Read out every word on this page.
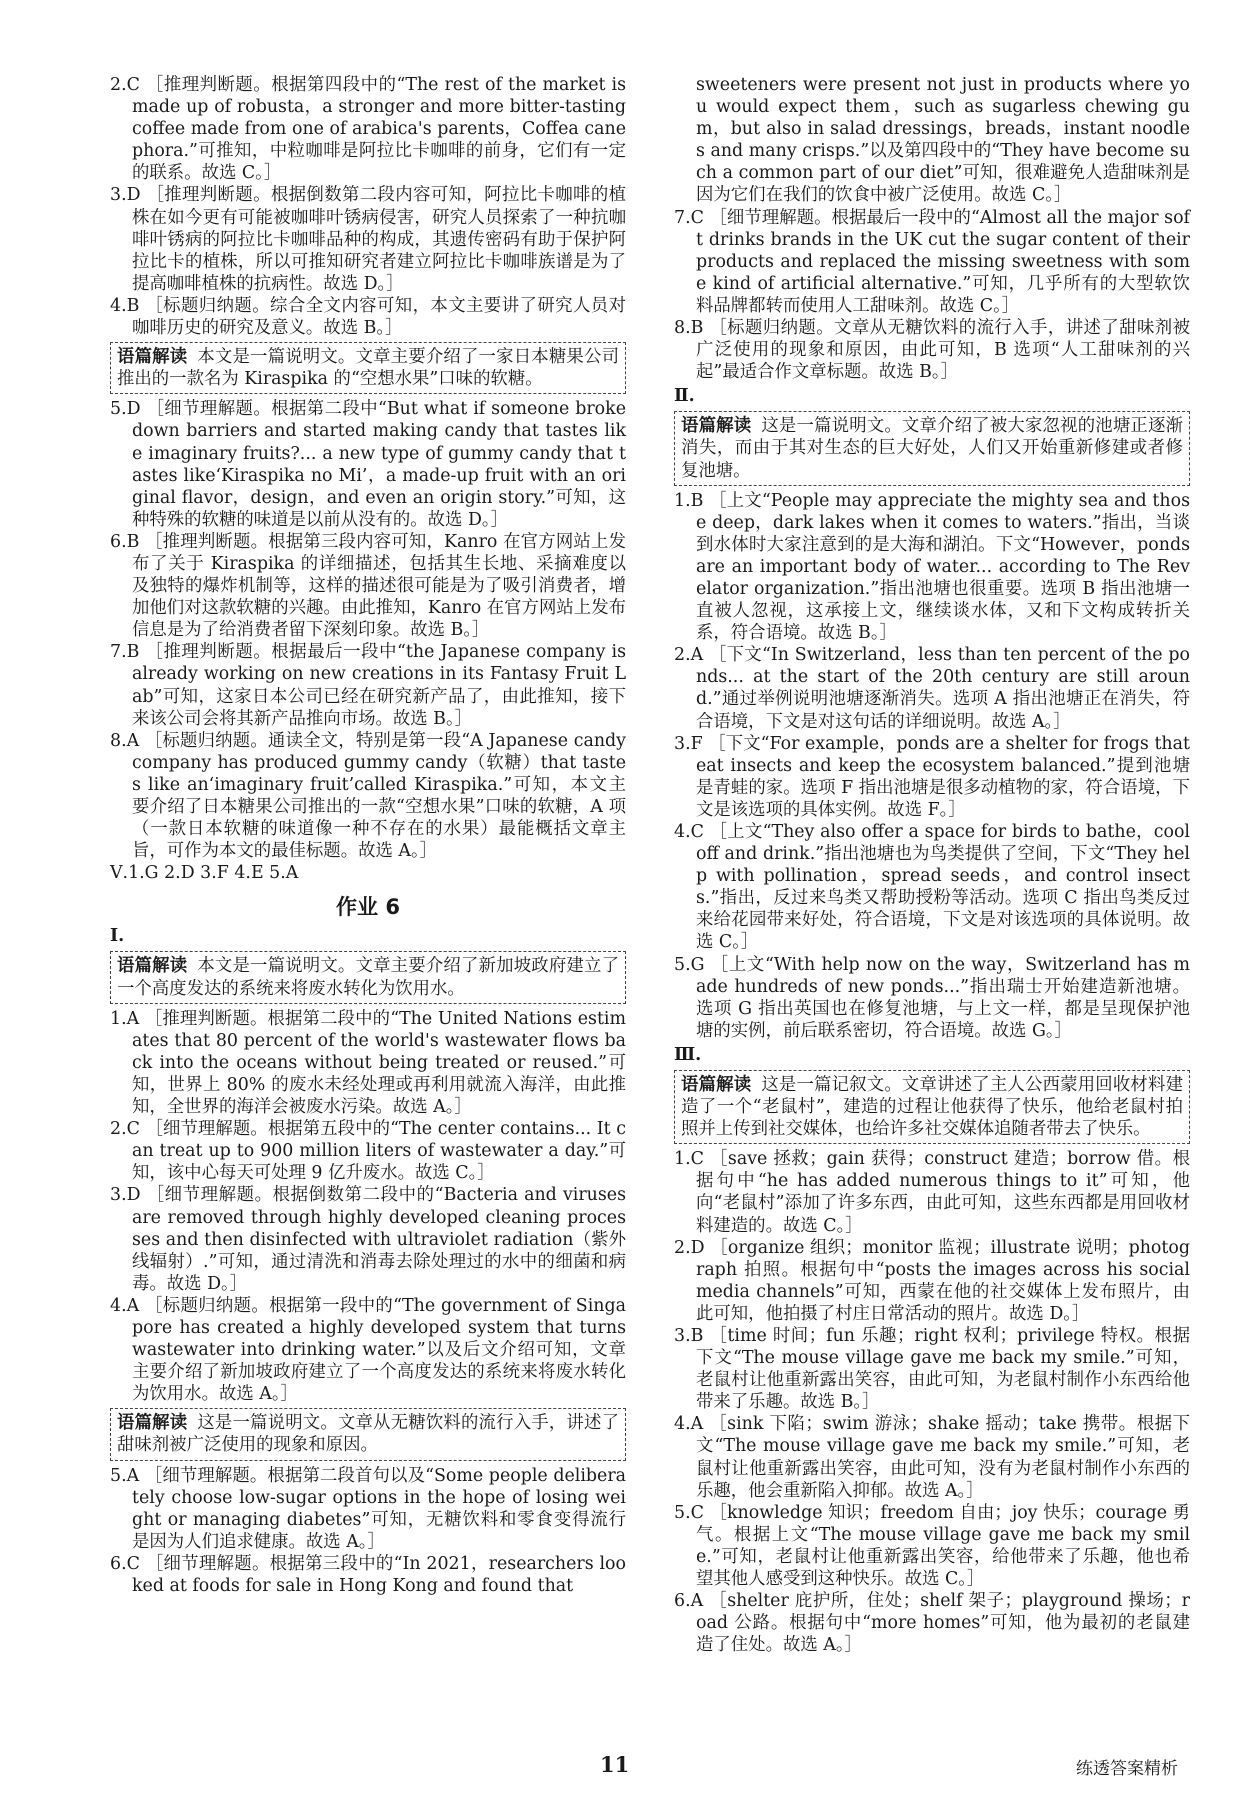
2.C ［推理判断题。根据第四段中的“The rest of the market is made up of robusta，a stronger and more bitter-tasting coffee made from one of arabica's parents，Coffea canephora.”可推知，中粒咖啡是阿拉比卡咖啡的前身，它们有一定的联系。故选 C。］

3.D ［推理判断题。根据倒数第二段内容可知，阿拉比卡咖啡的植株在如今更有可能被咖啡叶锈病侵害，研究人员探索了一种抗咖啡叶锈病的阿拉比卡咖啡品种的构成，其遗传密码有助于保护阿拉比卡的植株，所以可推知研究者建立阿拉比卡咖啡族谱是为了提高咖啡植株的抗病性。故选 D。］

4.B ［标题归纳题。综合全文内容可知，本文主要讲了研究人员对咖啡历史的研究及意义。故选 B。］

语篇解读 本文是一篇说明文。文章主要介绍了一家日本糖果公司推出的一款名为 Kiraspika 的“空想水果”口味的软糖。

5.D ［细节理解题。根据第二段中“But what if someone broke down barriers and started making candy that tastes like imaginary fruits?... a new type of gummy candy that tastes like‘Kiraspika no Mi’，a made-up fruit with an original flavor，design，and even an origin story.”可知，这种特殊的软糖的味道是以前从没有的。故选 D。］

6.B ［推理判断题。根据第三段内容可知，Kanro 在官方网站上发布了关于 Kiraspika 的详细描述，包括其生长地、采摘难度以及独特的爆炸机制等，这样的描述很可能是为了吸引消费者，增加他们对这款软糖的兴趣。由此推知，Kanro 在官方网站上发布信息是为了给消费者留下深刻印象。故选 B。］

7.B ［推理判断题。根据最后一段中“the Japanese company is already working on new creations in its Fantasy Fruit Lab”可知，这家日本公司已经在研究新产品了，由此推知，接下来该公司会将其新产品推向市场。故选 B。］

8.A ［标题归纳题。通读全文，特别是第一段“A Japanese candy company has produced gummy candy（软糖）that tastes like an‘imaginary fruit’called Kiraspika.”可知，本文主要介绍了日本糖果公司推出的一款“空想水果”口味的软糖，A 项（一款日本软糖的味道像一种不存在的水果）最能概括文章主旨，可作为本文的最佳标题。故选 A。］

Ⅴ.1.G 2.D 3.F 4.E 5.A

作业 6
Ⅰ.
语篇解读 本文是一篇说明文。文章主要介绍了新加坡政府建立了一个高度发达的系统来将废水转化为饮用水。

1.A ［推理判断题。根据第二段中的“The United Nations estimates that 80 percent of the world's wastewater flows back into the oceans without being treated or reused.”可知，世界上 80% 的废水未经处理或再利用就流入海洋，由此推知，全世界的海洋会被废水污染。故选 A。］

2.C ［细节理解题。根据第五段中的“The center contains... It can treat up to 900 million liters of wastewater a day.”可知，该中心每天可处理 9 亿升废水。故选 C。］

3.D ［细节理解题。根据倒数第二段中的“Bacteria and viruses are removed through highly developed cleaning processes and then disinfected with ultraviolet radiation（紫外线辐射）.”可知，通过清洗和消毒去除处理过的水中的细菌和病毒。故选 D。］

4.A ［标题归纳题。根据第一段中的“The government of Singapore has created a highly developed system that turns wastewater into drinking water.”以及后文介绍可知，文章主要介绍了新加坡政府建立了一个高度发达的系统来将废水转化为饮用水。故选 A。］

语篇解读 这是一篇说明文。文章从无糖饮料的流行入手，讲述了甜味剂被广泛使用的现象和原因。

5.A ［细节理解题。根据第二段首句以及“Some people deliberately choose low-sugar options in the hope of losing weight or managing diabetes”可知，无糖饮料和零食变得流行是因为人们追求健康。故选 A。］

6.C ［细节理解题。根据第三段中的“In 2021，researchers looked at foods for sale in Hong Kong and found that

sweeteners were present not just in products where you would expect them，such as sugarless chewing gum，but also in salad dressings，breads，instant noodles and many crisps.”以及第四段中的“They have become such a common part of our diet”可知，很难避免人造甜味剂是因为它们在我们的饮食中被广泛使用。故选 C。］

7.C ［细节理解题。根据最后一段中的“Almost all the major soft drinks brands in the UK cut the sugar content of their products and replaced the missing sweetness with some kind of artificial alternative.”可知，几乎所有的大型软饮料品牌都转而使用人工甜味剂。故选 C。］

8.B ［标题归纳题。文章从无糖饮料的流行入手，讲述了甜味剂被广泛使用的现象和原因，由此可知，B 选项“人工甜味剂的兴起”最适合作文章标题。故选 B。］

Ⅱ.
语篇解读 这是一篇说明文。文章介绍了被大家忽视的池塘正逐渐消失，而由于其对生态的巨大好处，人们又开始重新修建或者修复池塘。

1.B ［上文“People may appreciate the mighty sea and those deep，dark lakes when it comes to waters.”指出，当谈到水体时大家注意到的是大海和湖泊。下文“However，ponds are an important body of water... according to The Revelator organization.”指出池塘也很重要。选项 B 指出池塘一直被人忽视，这承接上文，继续谈水体，又和下文构成转折关系，符合语境。故选 B。］

2.A ［下文“In Switzerland，less than ten percent of the ponds... at the start of the 20th century are still around.”通过举例说明池塘逐渐消失。选项 A 指出池塘正在消失，符合语境，下文是对这句话的详细说明。故选 A。］

3.F ［下文“For example，ponds are a shelter for frogs that eat insects and keep the ecosystem balanced.”提到池塘是青蛙的家。选项 F 指出池塘是很多动植物的家，符合语境，下文是该选项的具体实例。故选 F。］

4.C ［上文“They also offer a space for birds to bathe，cool off and drink.”指出池塘也为鸟类提供了空间，下文“They help with pollination，spread seeds，and control insects.”指出，反过来鸟类又帮助授粉等活动。选项 C 指出鸟类反过来给花园带来好处，符合语境，下文是对该选项的具体说明。故选 C。］

5.G ［上文“With help now on the way，Switzerland has made hundreds of new ponds...”指出瑞士开始建造新池塘。选项 G 指出英国也在修复池塘，与上文一样，都是呈现保护池塘的实例，前后联系密切，符合语境。故选 G。］

Ⅲ.
语篇解读 这是一篇记叙文。文章讲述了主人公西蒙用回收材料建造了一个“老鼠村”，建造的过程让他获得了快乐，他给老鼠村拍照并上传到社交媒体，也给许多社交媒体追随者带去了快乐。

1.C ［save 拯救；gain 获得；construct 建造；borrow 借。根据句中“he has added numerous things to it”可知，他向“老鼠村”添加了许多东西，由此可知，这些东西都是用回收材料建造的。故选 C。］

2.D ［organize 组织；monitor 监视；illustrate 说明；photograph 拍照。根据句中“posts the images across his social media channels”可知，西蒙在他的社交媒体上发布照片，由此可知，他拍摄了村庄日常活动的照片。故选 D。］

3.B ［time 时间；fun 乐趣；right 权利；privilege 特权。根据下文“The mouse village gave me back my smile.”可知，老鼠村让他重新露出笑容，由此可知，为老鼠村制作小东西给他带来了乐趣。故选 B。］

4.A ［sink 下陷；swim 游泳；shake 摇动；take 携带。根据下文“The mouse village gave me back my smile.”可知，老鼠村让他重新露出笑容，由此可知，没有为老鼠村制作小东西的乐趣，他会重新陷入抑郁。故选 A。］

5.C ［knowledge 知识；freedom 自由；joy 快乐；courage 勇气。根据上文“The mouse village gave me back my smile.”可知，老鼠村让他重新露出笑容，给他带来了乐趣，他也希望其他人感受到这种快乐。故选 C。］

6.A ［shelter 庇护所，住处；shelf 架子；playground 操场；road 公路。根据句中“more homes”可知，他为最初的老鼠建造了住处。故选 A。］

11	练透答案精析
